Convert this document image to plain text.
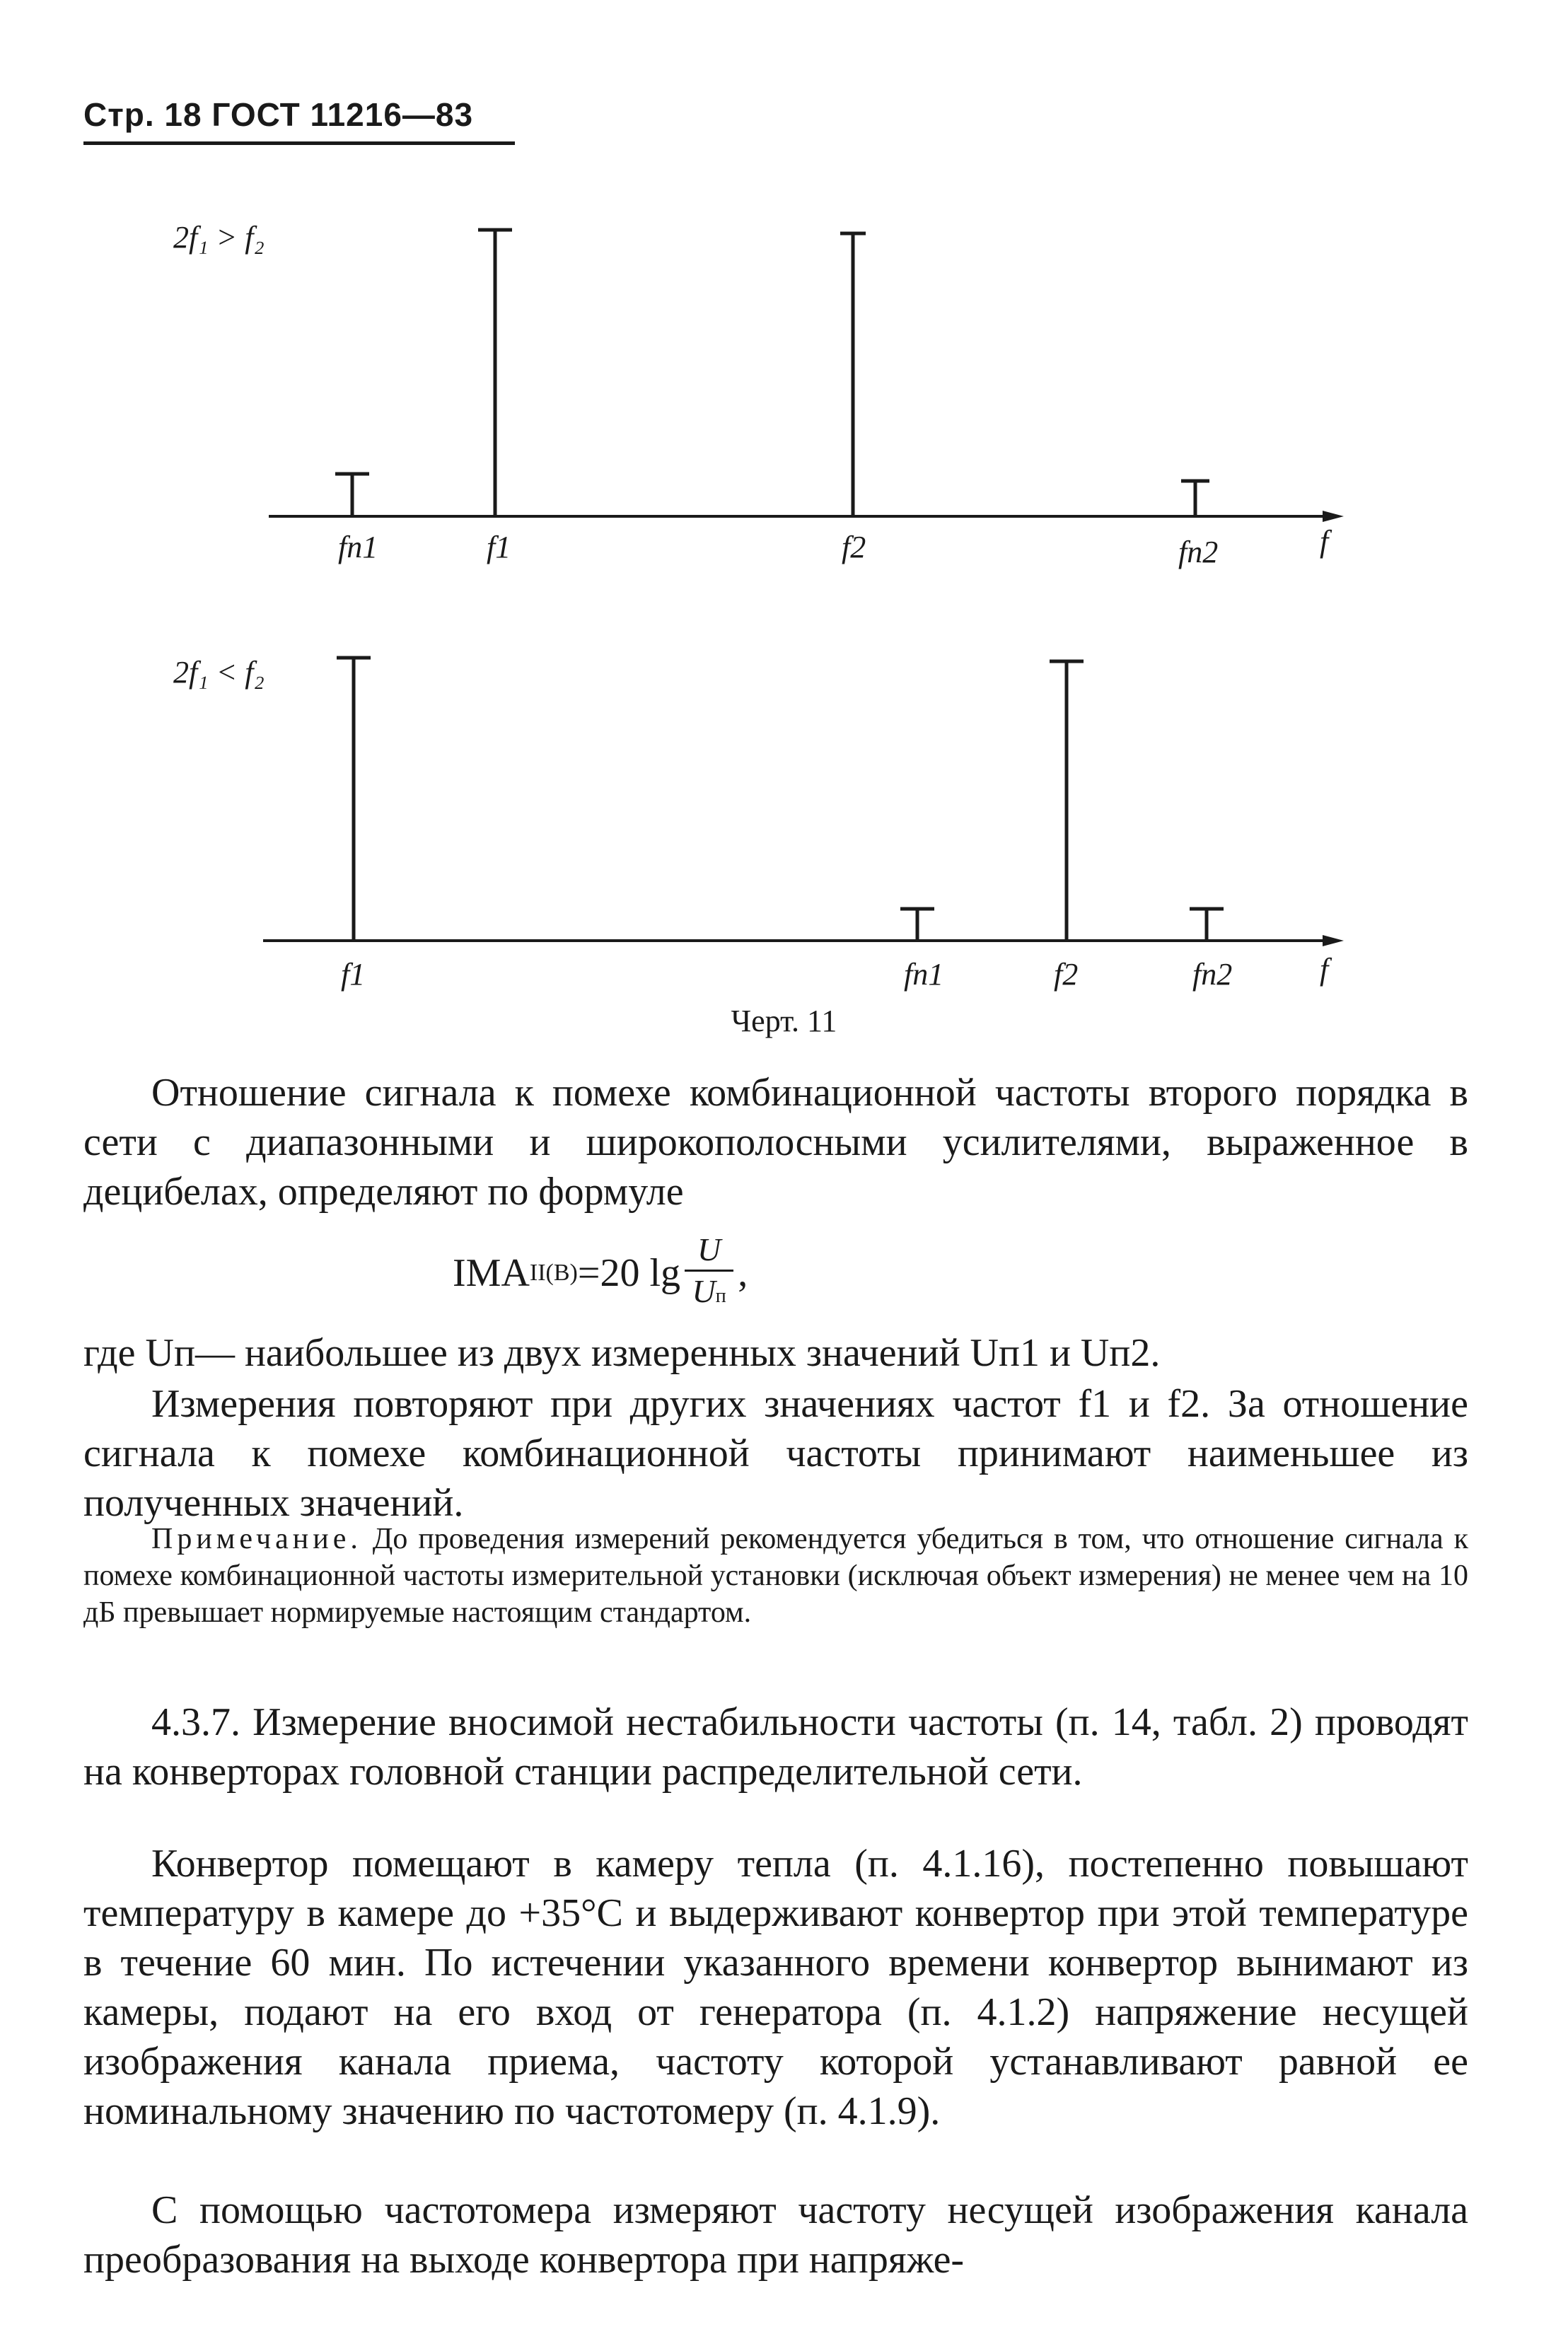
Стр. 18 ГОСТ 11216—83
2f₁ > f₂
fп1	f1	f2	fп2	f
2f₁ < f₂
f1	fп1	f2	fп2	f
Черт. 11

Отношение сигнала к помехе комбинационной частоты второго порядка в сети с диапазонными и широкополосными усилителями, выраженное в децибелах, определяют по формуле

IMA II(B) =20 $\lg \frac{U}{Uп}$ ,

где Uп— наибольшее из двух измеренных значений Uп1 и Uп2.

Измерения повторяют при других значениях частот f1 и f2. За отношение сигнала к помехе комбинационной частоты принимают наименьшее из полученных значений.

Примечание. До проведения измерений рекомендуется убедиться в том, что отношение сигнала к помехе комбинационной частоты измерительной установки (исключая объект измерения) не менее чем на 10 дБ превышает нормируемые настоящим стандартом.

4.3.7. Измерение вносимой нестабильности частоты (п. 14, табл. 2) проводят на конверторах головной станции распределительной сети.

Конвертор помещают в камеру тепла (п. 4.1.16), постепенно повышают температуру в камере до +35°С и выдерживают конвертор при этой температуре в течение 60 мин. По истечении указанного времени конвертор вынимают из камеры, подают на его вход от генератора (п. 4.1.2) напряжение несущей изображения канала приема, частоту которой устанавливают равной ее номинальному значению по частотомеру (п. 4.1.9).

С помощью частотомера измеряют частоту несущей изображения канала преобразования на выходе конвертора при напряже-
